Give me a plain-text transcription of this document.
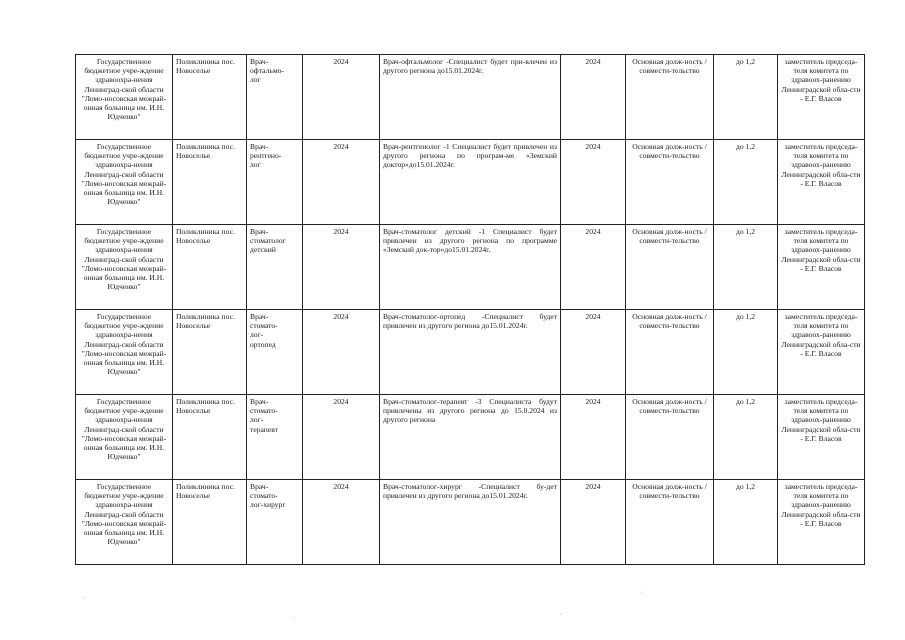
Государственное бюджетное учре-ждение здравоохра-нения Ленинград-ской области "Ломо-носовская межрай-онная больница им. И.Н. Юдченко"	Поликлиника пос. Новоселье	Врач-
офтальмо-
лог	2024	Врач-офтальмолог -Специалист будет при-влечен из другого региона до15.01.2024г.	2024	Основная долж-ность / совмести-тельство	до 1,2	заместитель председа-теля комитета по здравоох-ранению Ленинградской обла-сти - Е.Г. Власов
Государственное бюджетное учре-ждение здравоохра-нения Ленинград-ской области "Ломо-носовская межрай-онная больница им. И.Н. Юдченко"	Поликлиника пос. Новоселье	Врач-
рентгено-
лог	2024	Врач-рентгенолог -1 Специалист будет привлечен из другого региона по програм-ме «Земский доктор»до15.01.2024г.	2024	Основная долж-ность / совмести-тельство	до 1,2	заместитель председа-теля комитета по здравоох-ранению Ленинградской обла-сти - Е.Г. Власов
Государственное бюджетное учре-ждение здравоохра-нения Ленинград-ской области "Ломо-носовская межрай-онная больница им. И.Н. Юдченко"	Поликлиника пос. Новоселье	Врач-
стоматолог
детский	2024	Врач-стоматолог детский -1 Специалист будет привлечен из другого региона по программе «Земский док-тор»до15.01.2024г.	2024	Основная долж-ность / совмести-тельство	до 1,2	заместитель председа-теля комитета по здравоох-ранению Ленинградской обла-сти - Е.Г. Власов
Государственное бюджетное учре-ждение здравоохра-нения Ленинград-ской области "Ломо-носовская межрай-онная больница им. И.Н. Юдченко"	Поликлиника пос. Новоселье	Врач-
стомато-
лог-
ортопед	2024	Врач-стоматолог-ортопед -Специалист будет привлечен из другого региона до15.01.2024г.	2024	Основная долж-ность / совмести-тельство	до 1,2	заместитель председа-теля комитета по здравоох-ранению Ленинградской обла-сти - Е.Г. Власов
Государственное бюджетное учре-ждение здравоохра-нения Ленинград-ской области "Ломо-носовская межрай-онная больница им. И.Н. Юдченко"	Поликлиника пос. Новоселье	Врач-
стомато-
лог-
терапевт	2024	Врач-стоматолог-терапевт -3 Специалиста будут привлечены из другого региона до 15.0.2024 из другого региона	2024	Основная долж-ность / совмести-тельство	до 1,2	заместитель председа-теля комитета по здравоох-ранению Ленинградской обла-сти - Е.Г. Власов
Государственное бюджетное учре-ждение здравоохра-нения Ленинград-ской области "Ломо-носовская межрай-онная больница им. И.Н. Юдченко"	Поликлиника пос. Новоселье	Врач-
стомато-
лог-хирург	2024	Врач-стоматолог-хирург -Специалист бу-дет привлечен из другого региона до15.01.2024г.	2024	Основная долж-ность / совмести-тельство	до 1,2	заместитель председа-теля комитета по здравоох-ранению Ленинградской обла-сти - Е.Г. Власов
·
·
·
·
